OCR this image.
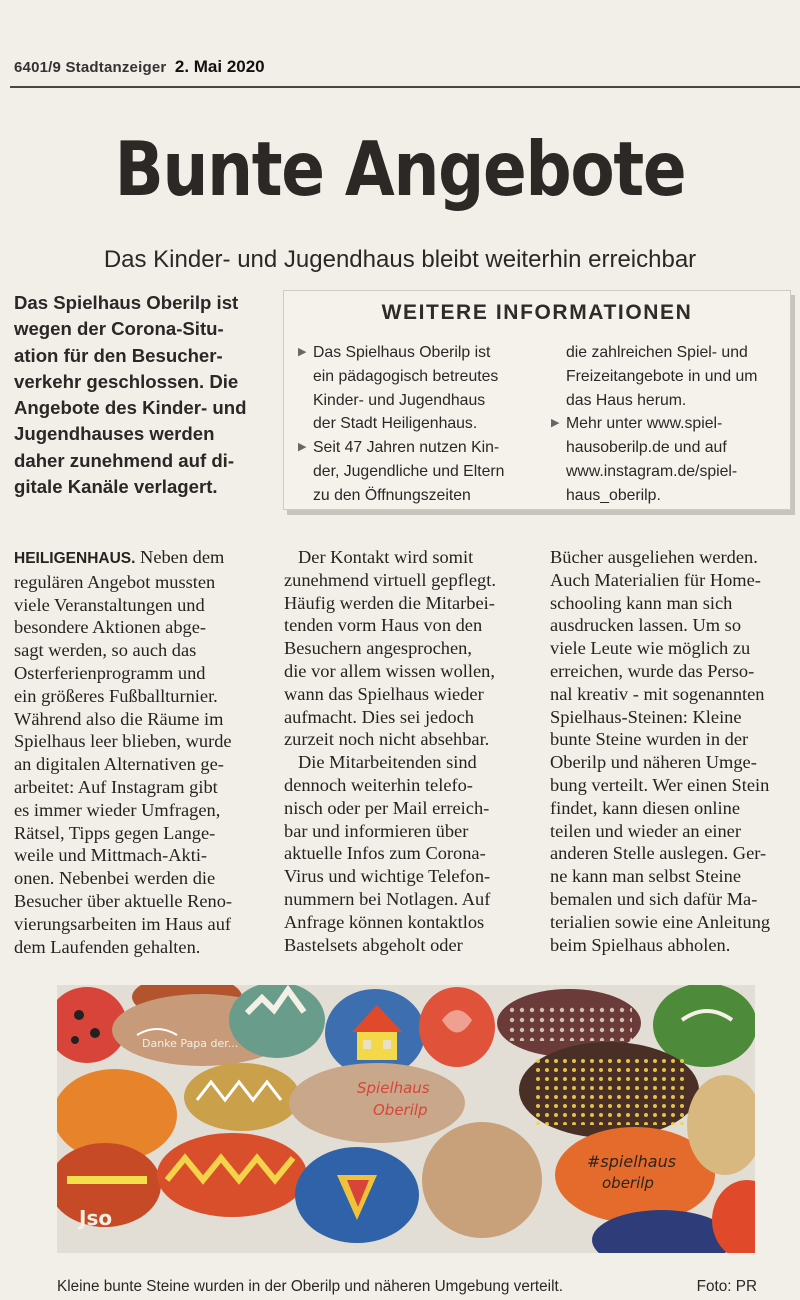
6401/9 Stadtanzeiger 2. Mai 2020
Bunte Angebote
Das Kinder- und Jugendhaus bleibt weiterhin erreichbar
Das Spielhaus Oberilp ist
wegen der Corona-Situ-
ation für den Besucher-
verkehr geschlossen. Die
Angebote des Kinder- und
Jugendhauses werden
daher zunehmend auf di-
gitale Kanäle verlagert.
WEITERE INFORMATIONEN
▶ Das Spielhaus Oberilp ist
ein pädagogisch betreutes
Kinder- und Jugendhaus
der Stadt Heiligenhaus.
▶ Seit 47 Jahren nutzen Kin-
der, Jugendliche und Eltern
zu den Öffnungszeiten
die zahlreichen Spiel- und
Freizeitangebote in und um
das Haus herum.
▶ Mehr unter www.spiel-
hausoberilp.de und auf
www.instagram.de/spiel-
haus_oberilp.
HEILIGENHAUS. Neben dem
regulären Angebot mussten
viele Veranstaltungen und
besondere Aktionen abge-
sagt werden, so auch das
Osterferienprogramm und
ein größeres Fußballturnier.
Während also die Räume im
Spielhaus leer blieben, wurde
an digitalen Alternativen ge-
arbeitet: Auf Instagram gibt
es immer wieder Umfragen,
Rätsel, Tipps gegen Lange-
weile und Mittmach-Akti-
onen. Nebenbei werden die
Besucher über aktuelle Reno-
vierungsarbeiten im Haus auf
dem Laufenden gehalten.
Der Kontakt wird somit
zunehmend virtuell gepflegt.
Häufig werden die Mitarbei-
tenden vorm Haus von den
Besuchern angesprochen,
die vor allem wissen wollen,
wann das Spielhaus wieder
aufmacht. Dies sei jedoch
zurzeit noch nicht absehbar.
Die Mitarbeitenden sind
dennoch weiterhin telefo-
nisch oder per Mail erreich-
bar und informieren über
aktuelle Infos zum Corona-
Virus und wichtige Telefon-
nummern bei Notlagen. Auf
Anfrage können kontaktlos
Bastelsets abgeholt oder
Bücher ausgeliehen werden.
Auch Materialien für Home-
schooling kann man sich
ausdrucken lassen. Um so
viele Leute wie möglich zu
erreichen, wurde das Perso-
nal kreativ - mit sogenannten
Spielhaus-Steinen: Kleine
bunte Steine wurden in der
Oberilp und näheren Umge-
bung verteilt. Wer einen Stein
findet, kann diesen online
teilen und wieder an einer
anderen Stelle auslegen. Ger-
ne kann man selbst Steine
bemalen und sich dafür Ma-
terialien sowie eine Anleitung
beim Spielhaus abholen.
Jso
Spielhaus
Oberilp
#spielhaus
oberilp
Danke Papa der...
Kleine bunte Steine wurden in der Oberilp und näheren Umgebung verteilt.	Foto: PR
